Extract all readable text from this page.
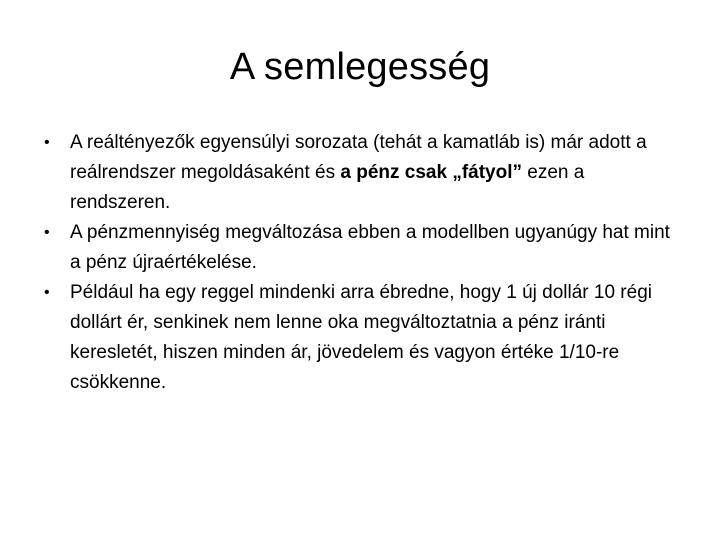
A semlegesség
•	A reáltényezők egyensúlyi sorozata (tehát a kamatláb is) már adott a reálrendszer megoldásaként és a pénz csak „fátyol” ezen a rendszeren.
•	A pénzmennyiség megváltozása ebben a modellben ugyanúgy hat mint a pénz újraértékelése.
•	Például ha egy reggel mindenki arra ébredne, hogy 1 új dollár 10 régi dollárt ér, senkinek nem lenne oka megváltoztatnia a pénz iránti keresletét, hiszen minden ár, jövedelem és vagyon értéke 1/10-re csökkenne.
